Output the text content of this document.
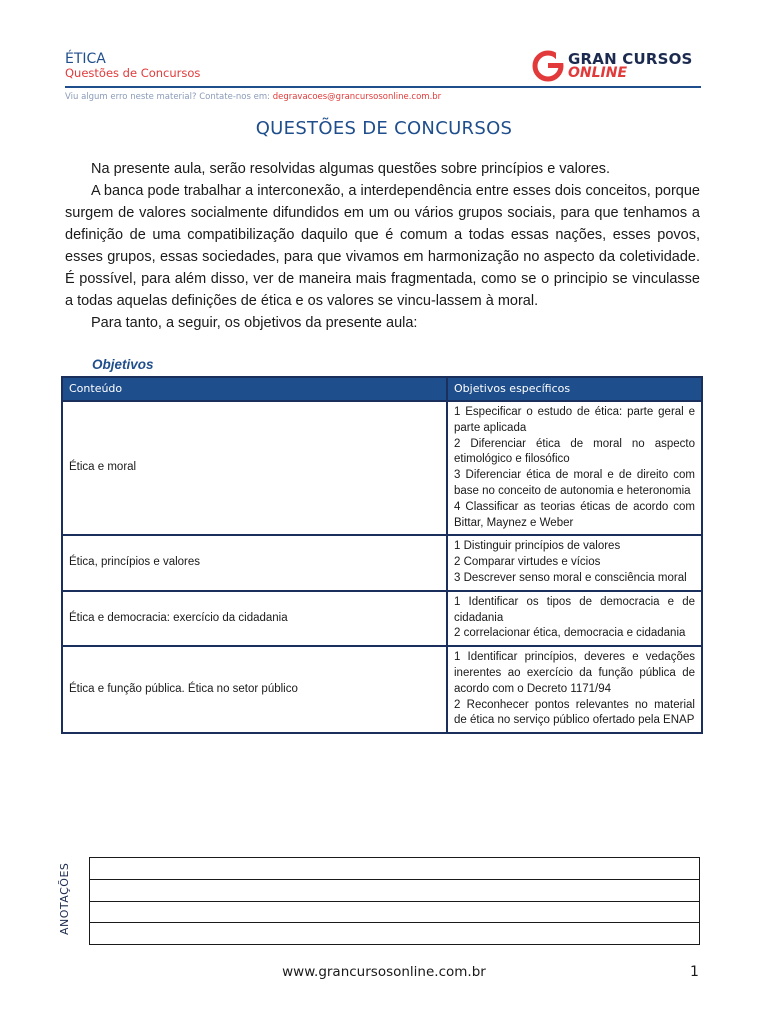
ÉTICA
Questões de Concursos
GRAN CURSOS
ONLINE
Viu algum erro neste material? Contate-nos em: degravacoes@grancursosonline.com.br
QUESTÕES DE CONCURSOS

Na presente aula, serão resolvidas algumas questões sobre princípios e valores.

A banca pode trabalhar a interconexão, a interdependência entre esses dois conceitos, porque surgem de valores socialmente difundidos em um ou vários grupos sociais, para que tenhamos a definição de uma compatibilização daquilo que é comum a todas essas nações, esses povos, esses grupos, essas sociedades, para que vivamos em harmonização no aspecto da coletividade. É possível, para além disso, ver de maneira mais fragmentada, como se o principio se vinculasse a todas aquelas definições de ética e os valores se vincu-lassem à moral.

Para tanto, a seguir, os objetivos da presente aula:

Objetivos
Conteúdo	Objetivos específicos
Ética e moral	1 Especificar o estudo de ética: parte geral e parte aplicada
2 Diferenciar ética de moral no aspecto etimológico e filosófico
3 Diferenciar ética de moral e de direito com base no conceito de autonomia e heteronomia
4 Classificar as teorias éticas de acordo com Bittar, Maynez e Weber
Ética, princípios e valores	1 Distinguir princípios de valores
2 Comparar virtudes e vícios
3 Descrever senso moral e consciência moral
Ética e democracia: exercício da cidadania	1 Identificar os tipos de democracia e de cidadania
2 correlacionar ética, democracia e cidadania
Ética e função pública. Ética no setor público	1 Identificar princípios, deveres e vedações inerentes ao exercício da função pública de acordo com o Decreto 1171/94
2 Reconhecer pontos relevantes no material de ética no serviço público ofertado pela ENAP
ANOTAÇÕES
www.grancursosonline.com.br	1
